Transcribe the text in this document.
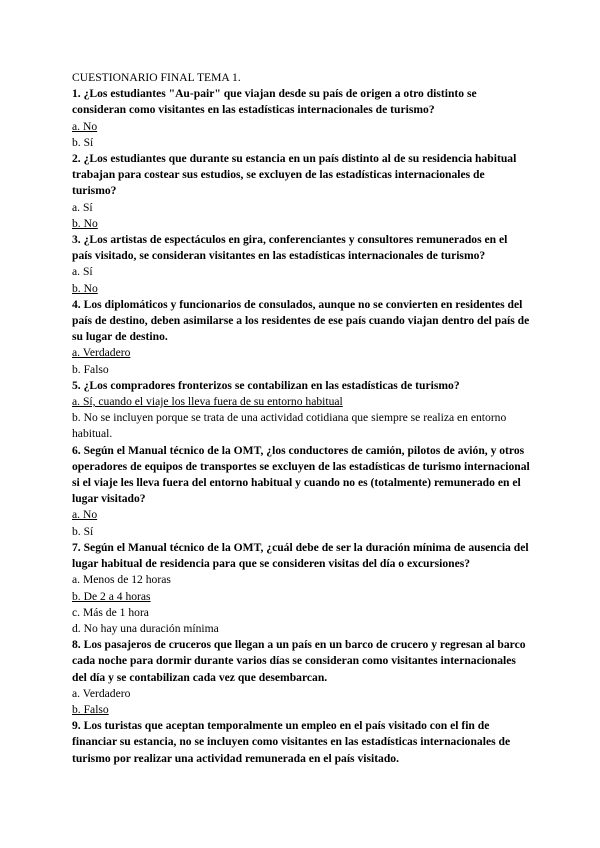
CUESTIONARIO FINAL TEMA 1.
1. ¿Los estudiantes "Au-pair" que viajan desde su país de origen a otro distinto se consideran como visitantes en las estadísticas internacionales de turismo?
a. No
b. Sí
2. ¿Los estudiantes que durante su estancia en un país distinto al de su residencia habitual trabajan para costear sus estudios, se excluyen de las estadísticas internacionales de turismo?
a. Sí
b. No
3. ¿Los artistas de espectáculos en gira, conferenciantes y consultores remunerados en el país visitado, se consideran visitantes en las estadísticas internacionales de turismo?
a. Sí
b. No
4. Los diplomáticos y funcionarios de consulados, aunque no se convierten en residentes del país de destino, deben asimilarse a los residentes de ese país cuando viajan dentro del país de su lugar de destino.
a. Verdadero
b. Falso
5. ¿Los compradores fronterizos se contabilizan en las estadísticas de turismo?
a. Sí, cuando el viaje los lleva fuera de su entorno habitual
b. No se incluyen porque se trata de una actividad cotidiana que siempre se realiza en entorno habitual.
6. Según el Manual técnico de la OMT, ¿los conductores de camión, pilotos de avión, y otros operadores de equipos de transportes se excluyen de las estadísticas de turismo internacional si el viaje les lleva fuera del entorno habitual y cuando no es (totalmente) remunerado en el lugar visitado?
a. No
b. Sí
7. Según el Manual técnico de la OMT, ¿cuál debe de ser la duración mínima de ausencia del lugar habitual de residencia para que se consideren visitas del día o excursiones?
a. Menos de 12 horas
b. De 2 a 4 horas
c. Más de 1 hora
d. No hay una duración mínima
8. Los pasajeros de cruceros que llegan a un país en un barco de crucero y regresan al barco cada noche para dormir durante varios días se consideran como visitantes internacionales del día y se contabilizan cada vez que desembarcan.
a. Verdadero
b. Falso
9. Los turistas que aceptan temporalmente un empleo en el país visitado con el fin de financiar su estancia, no se incluyen como visitantes en las estadísticas internacionales de turismo por realizar una actividad remunerada en el país visitado.
